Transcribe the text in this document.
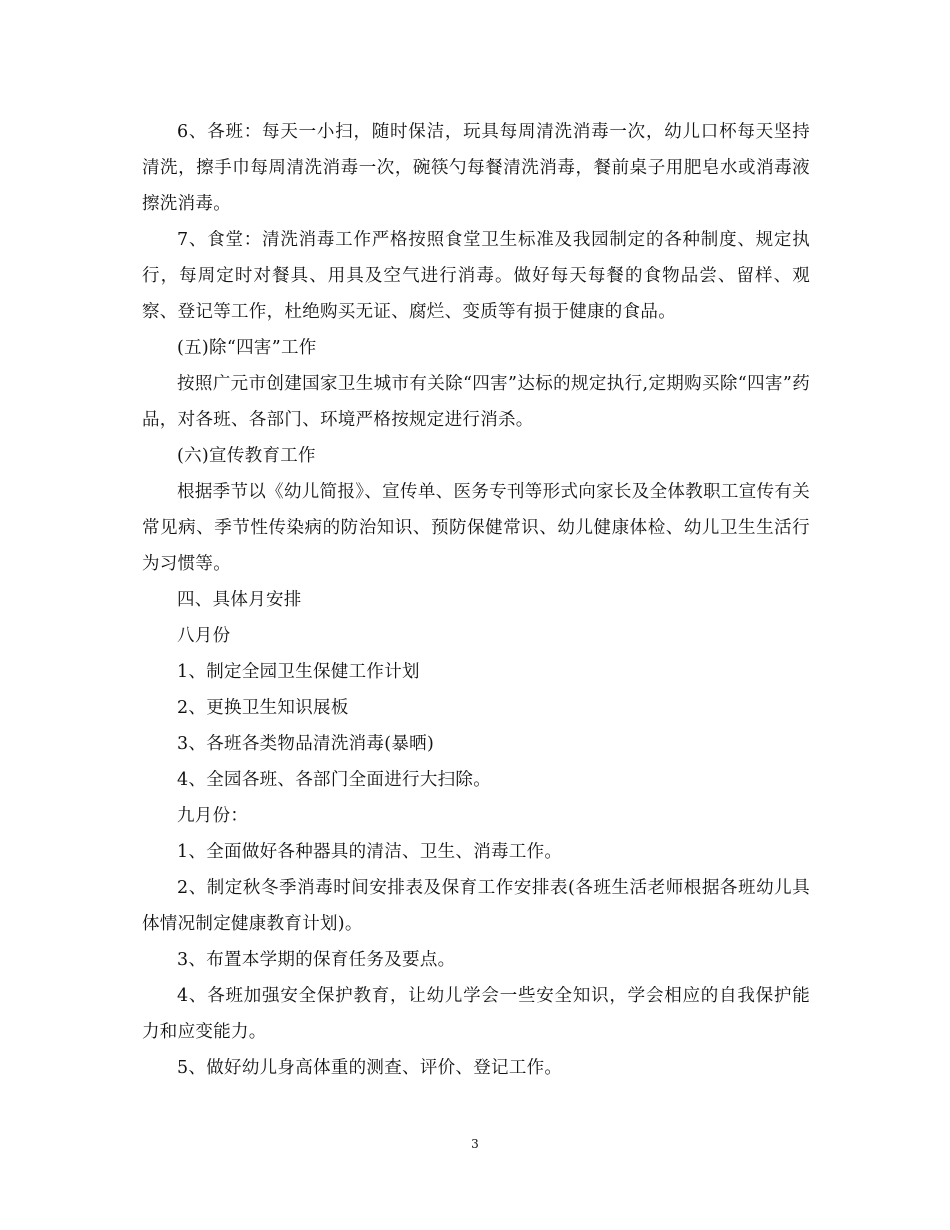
6、各班：每天一小扫，随时保洁，玩具每周清洗消毒一次，幼儿口杯每天坚持清洗，擦手巾每周清洗消毒一次，碗筷勺每餐清洗消毒，餐前桌子用肥皂水或消毒液擦洗消毒。

7、食堂：清洗消毒工作严格按照食堂卫生标准及我园制定的各种制度、规定执行，每周定时对餐具、用具及空气进行消毒。做好每天每餐的食物品尝、留样、观察、登记等工作，杜绝购买无证、腐烂、变质等有损于健康的食品。

(五)除“四害”工作

按照广元市创建国家卫生城市有关除“四害”达标的规定执行,定期购买除“四害”药品，对各班、各部门、环境严格按规定进行消杀。

(六)宣传教育工作

根据季节以《幼儿简报》、宣传单、医务专刊等形式向家长及全体教职工宣传有关常见病、季节性传染病的防治知识、预防保健常识、幼儿健康体检、幼儿卫生生活行为习惯等。

四、具体月安排

八月份

1、制定全园卫生保健工作计划

2、更换卫生知识展板

3、各班各类物品清洗消毒(暴晒)

4、全园各班、各部门全面进行大扫除。

九月份：

1、全面做好各种器具的清洁、卫生、消毒工作。

2、制定秋冬季消毒时间安排表及保育工作安排表(各班生活老师根据各班幼儿具体情况制定健康教育计划)。

3、布置本学期的保育任务及要点。

4、各班加强安全保护教育，让幼儿学会一些安全知识，学会相应的自我保护能力和应变能力。

5、做好幼儿身高体重的测查、评价、登记工作。

3
